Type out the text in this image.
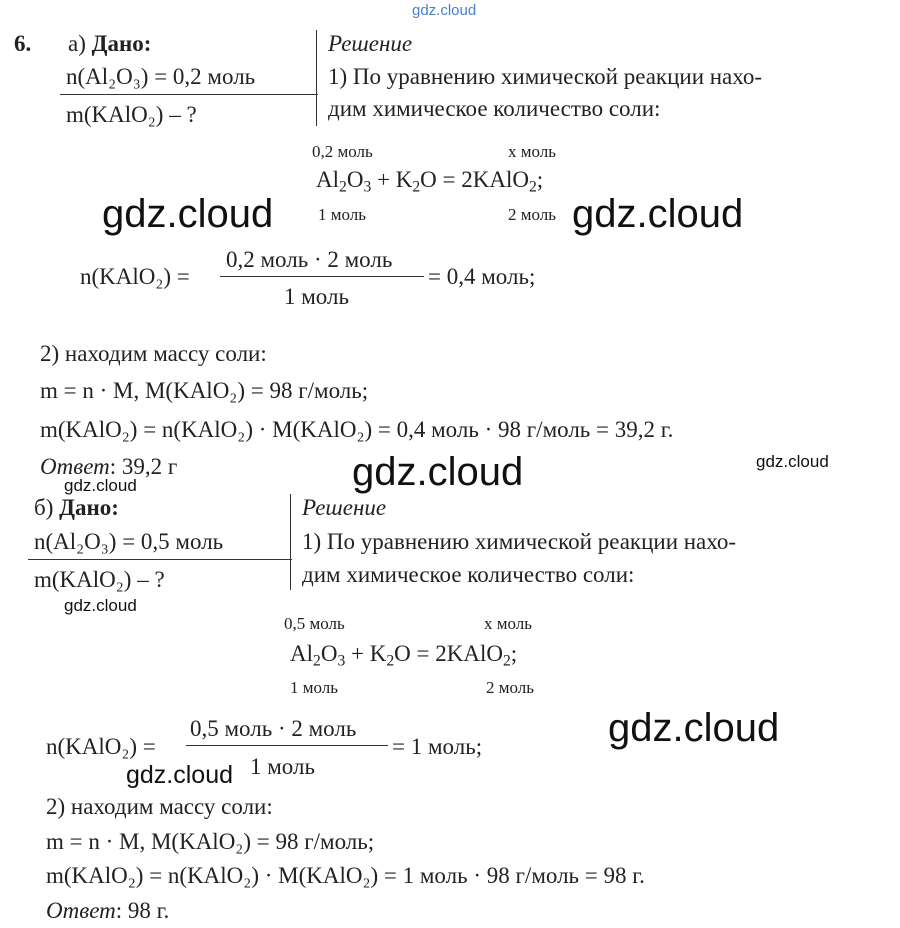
gdz.cloud
6. а) Дано:	Решение
n(Al₂O₃) = 0,2 моль
m(KAlO₂) – ?
1) По уравнению химической реакции нахо-
дим химическое количество соли:
0,2 моль	x моль
$Al_2O_3 + K_2O$ = 2KAlO$_2$;
1 моль	2 моль
gdz.cloud	gdz.cloud
n(KAlO₂) =
0,2 моль · 2 моль
1 моль
= 0,4 моль;
2) находим массу соли:
m = n · M, M(KAlO₂) = 98 г/моль;
m(KAlO₂) = n(KAlO₂) · M(KAlO₂) = 0,4 моль · 98 г/моль = 39,2 г.
Ответ: 39,2 г	gdz.cloud	gdz.cloud
gdz.cloud
б) Дано:	Решение
n(Al₂O₃) = 0,5 моль
m(KAlO₂) – ?
1) По уравнению химической реакции нахо-
дим химическое количество соли:
gdz.cloud
0,5 моль	x моль
$Al_2O_3 + K_2O$ = 2KAlO$_2$;
1 моль	2 моль
gdz.cloud
n(KAlO₂) =
0,5 моль · 2 моль
1 моль
= 1 моль;
gdz.cloud
2) находим массу соли:
m = n · M, M(KAlO₂) = 98 г/моль;
m(KAlO₂) = n(KAlO₂) · M(KAlO₂) = 1 моль · 98 г/моль = 98 г.
Ответ: 98 г.
